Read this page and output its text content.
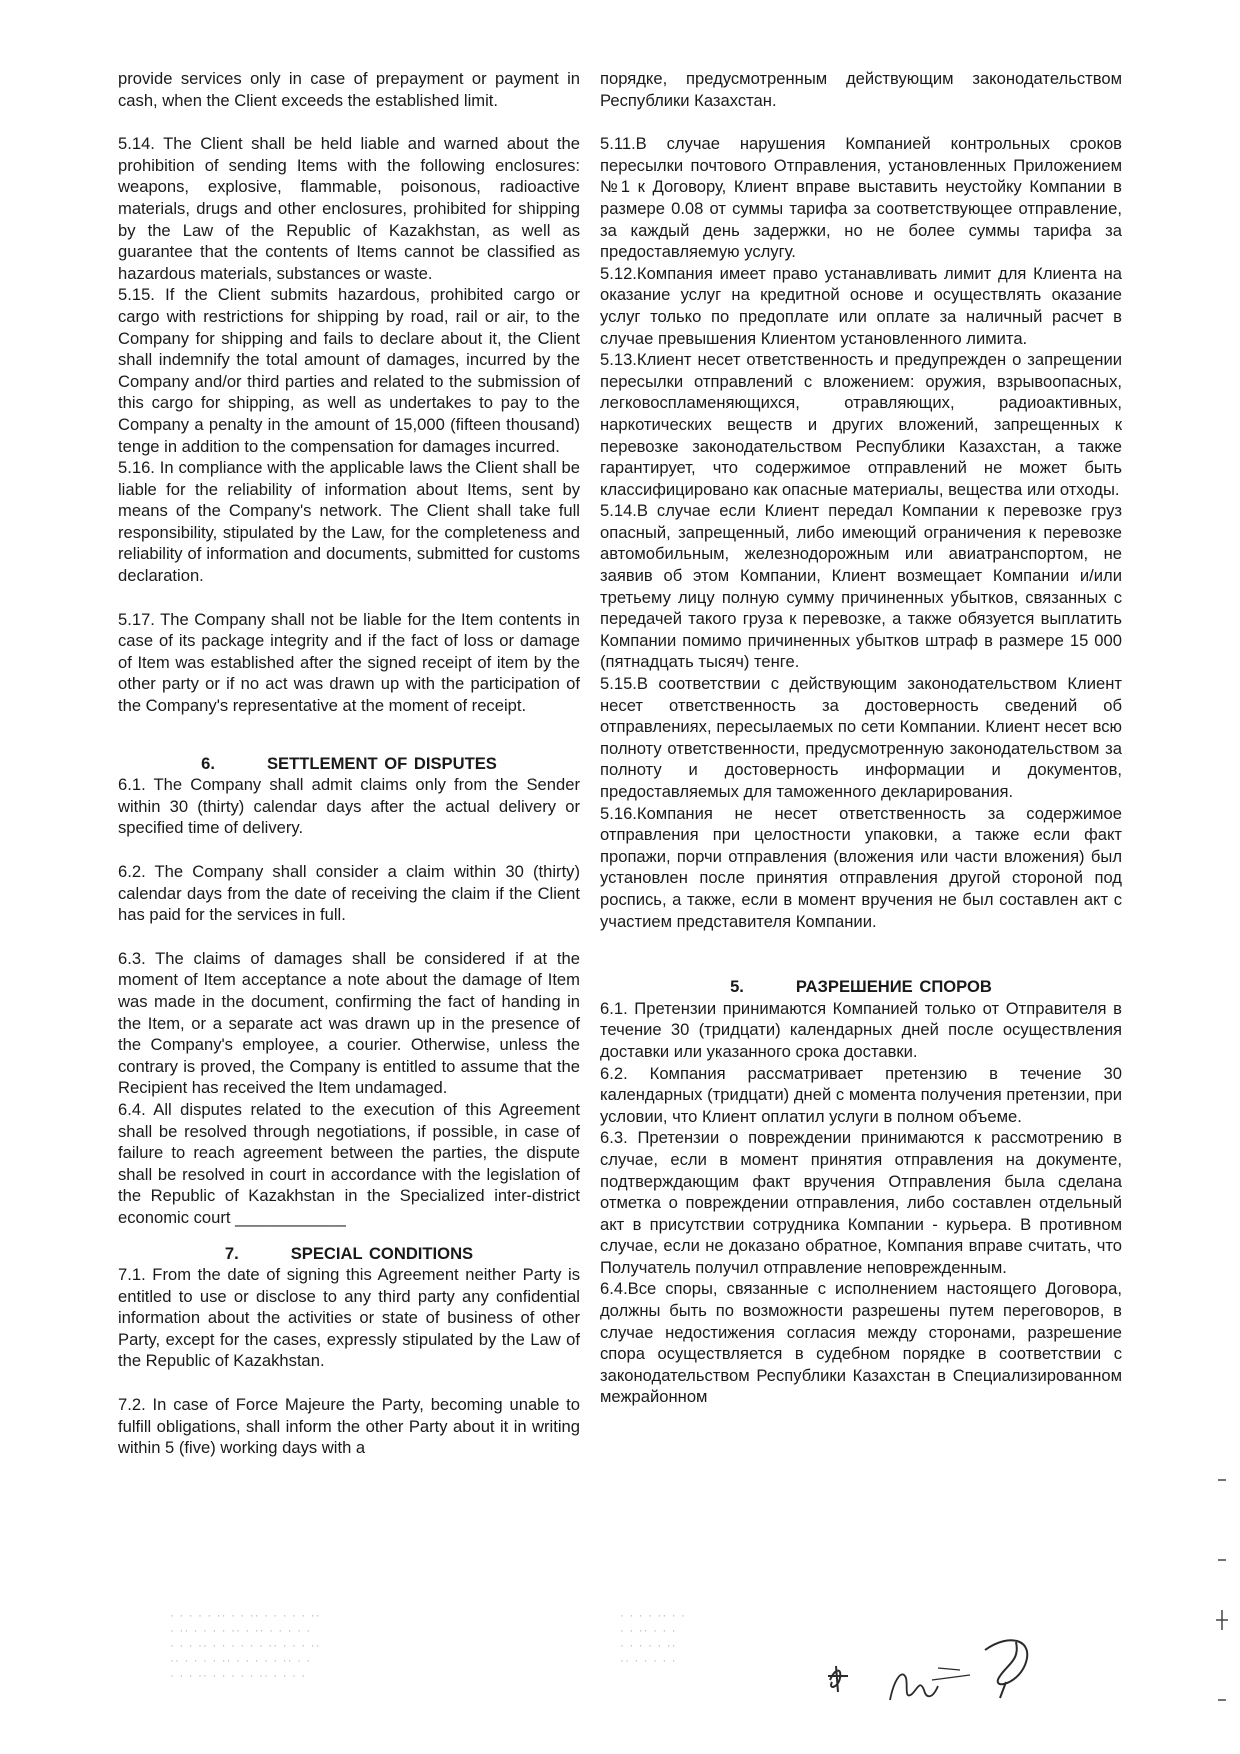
provide services only in case of prepayment or payment in cash, when the Client exceeds the established limit.

5.14. The Client shall be held liable and warned about the prohibition of sending Items with the following enclosures: weapons, explosive, flammable, poisonous, radioactive materials, drugs and other enclosures, prohibited for shipping by the Law of the Republic of Kazakhstan, as well as guarantee that the contents of Items cannot be classified as hazardous materials, substances or waste.

5.15. If the Client submits hazardous, prohibited cargo or cargo with restrictions for shipping by road, rail or air, to the Company for shipping and fails to declare about it, the Client shall indemnify the total amount of damages, incurred by the Company and/or third parties and related to the submission of this cargo for shipping, as well as undertakes to pay to the Company a penalty in the amount of 15,000 (fifteen thousand) tenge in addition to the compensation for damages incurred.

5.16. In compliance with the applicable laws the Client shall be liable for the reliability of information about Items, sent by means of the Company's network. The Client shall take full responsibility, stipulated by the Law, for the completeness and reliability of information and documents, submitted for customs declaration.

5.17. The Company shall not be liable for the Item contents in case of its package integrity and if the fact of loss or damage of Item was established after the signed receipt of item by the other party or if no act was drawn up with the participation of the Company's representative at the moment of receipt.

6.	SETTLEMENT OF DISPUTES

6.1. The Company shall admit claims only from the Sender within 30 (thirty) calendar days after the actual delivery or specified time of delivery.

6.2. The Company shall consider a claim within 30 (thirty) calendar days from the date of receiving the claim if the Client has paid for the services in full.

6.3. The claims of damages shall be considered if at the moment of Item acceptance a note about the damage of Item was made in the document, confirming the fact of handing in the Item, or a separate act was drawn up in the presence of the Company's employee, a courier. Otherwise, unless the contrary is proved, the Company is entitled to assume that the Recipient has received the Item undamaged.

6.4. All disputes related to the execution of this Agreement shall be resolved through negotiations, if possible, in case of failure to reach agreement between the parties, the dispute shall be resolved in court in accordance with the legislation of the Republic of Kazakhstan in the Specialized inter-district economic court ____________

7.	SPECIAL CONDITIONS

7.1. From the date of signing this Agreement neither Party is entitled to use or disclose to any third party any confidential information about the activities or state of business of other Party, except for the cases, expressly stipulated by the Law of the Republic of Kazakhstan.

7.2. In case of Force Majeure the Party, becoming unable to fulfill obligations, shall inform the other Party about it in writing within 5 (five) working days with a

порядке, предусмотренным действующим законодательством Республики Казахстан.

5.11.В случае нарушения Компанией контрольных сроков пересылки почтового Отправления, установленных Приложением №1 к Договору, Клиент вправе выставить неустойку Компании в размере 0.08 от суммы тарифа за соответствующее отправление, за каждый день задержки, но не более суммы тарифа за предоставляемую услугу.

5.12.Компания имеет право устанавливать лимит для Клиента на оказание услуг на кредитной основе и осуществлять оказание услуг только по предоплате или оплате за наличный расчет в случае превышения Клиентом установленного лимита.

5.13.Клиент несет ответственность и предупрежден о запрещении пересылки отправлений с вложением: оружия, взрывоопасных, легковоспламеняющихся, отравляющих, радиоактивных, наркотических веществ и других вложений, запрещенных к перевозке законодательством Республики Казахстан, а также гарантирует, что содержимое отправлений не может быть классифицировано как опасные материалы, вещества или отходы.

5.14.В случае если Клиент передал Компании к перевозке груз опасный, запрещенный, либо имеющий ограничения к перевозке автомобильным, железнодорожным или авиатранспортом, не заявив об этом Компании, Клиент возмещает Компании и/или третьему лицу полную сумму причиненных убытков, связанных с передачей такого груза к перевозке, а также обязуется выплатить Компании помимо причиненных убытков штраф в размере 15 000 (пятнадцать тысяч) тенге.

5.15.В соответствии с действующим законодательством Клиент несет ответственность за достоверность сведений об отправлениях, пересылаемых по сети Компании. Клиент несет всю полноту ответственности, предусмотренную законодательством за полноту и достоверность информации и документов, предоставляемых для таможенного декларирования.

5.16.Компания не несет ответственность за содержимое отправления при целостности упаковки, а также если факт пропажи, порчи отправления (вложения или части вложения) был установлен после принятия отправления другой стороной под роспись, а также, если в момент вручения не был составлен акт с участием представителя Компании.

5.	РАЗРЕШЕНИЕ СПОРОВ

6.1. Претензии принимаются Компанией только от Отправителя в течение 30 (тридцати) календарных дней после осуществления доставки или указанного срока доставки.

6.2. Компания рассматривает претензию в течение 30 календарных (тридцати) дней с момента получения претензии, при условии, что Клиент оплатил услуги в полном объеме.

6.3. Претензии о повреждении принимаются к рассмотрению в случае, если в момент принятия отправления на документе, подтверждающим факт вручения Отправления была сделана отметка о повреждении отправления, либо составлен отдельный акт в присутствии сотрудника Компании - курьера. В противном случае, если не доказано обратное, Компания вправе считать, что Получатель получил отправление неповрежденным.

6.4.Все споры, связанные с исполнением настоящего Договора, должны быть по возможности разрешены путем переговоров, в случае недостижения согласия между сторонами, разрешение спора осуществляется в судебном порядке в соответствии с законодательством Республики Казахстан в Специализированном межрайонном

· · · · · ·· · · ·· · · · · · ··
· ·· · · · · ·· · ·· · · · · ·
· · · ·· · · · · · · ·· · · · ··
·· · · · · ·· · · · · · ·· · ·
· · · ·· · · · · · ·· · · · ·
· · · · ·· · ·
· · ·· · · ·
· · · · · ··
·· · · · · ·
